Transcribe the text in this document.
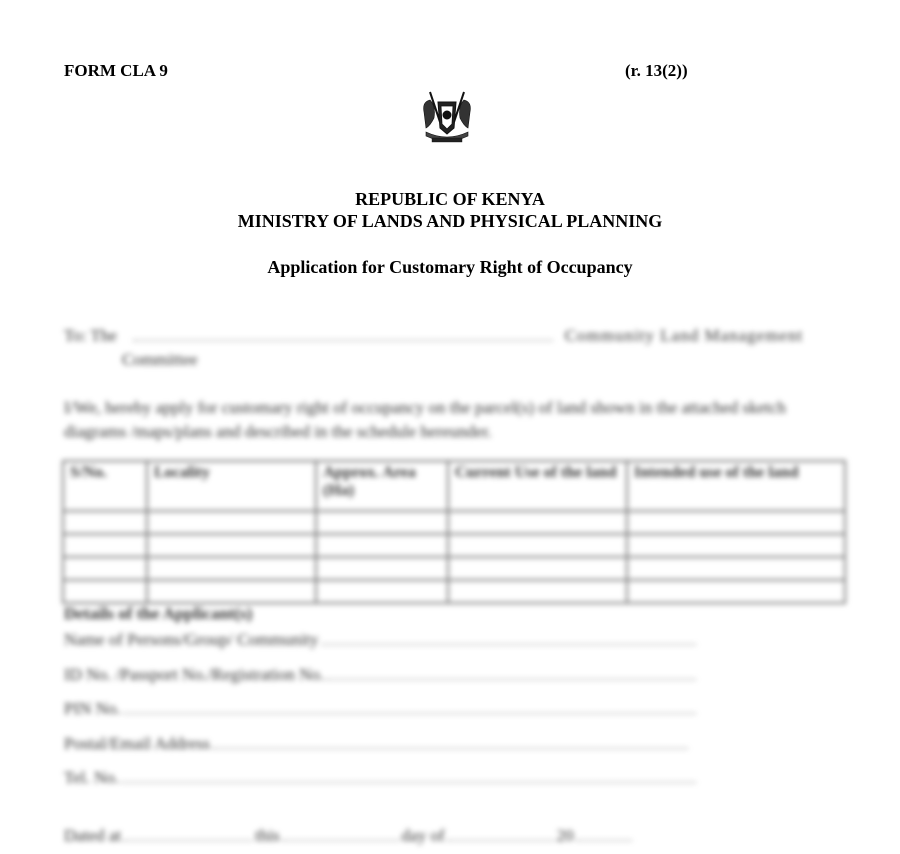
FORM CLA 9	(r. 13(2))
REPUBLIC OF KENYA
MINISTRY OF LANDS AND PHYSICAL PLANNING
Application for Customary Right of Occupancy
To: The	Community Land Management
Committee
I/We, hereby apply for customary right of occupancy on the parcel(s) of land shown in the attached sketch diagrams /maps/plans and described in the schedule hereunder.
S/No.	Locality	Approx. Area (Ha)	Current Use of the land	Intended use of the land

Details of the Applicant(s)
Name of Persons/Group/ Community
ID No. /Passport No./Registration No.
PIN No.
Postal/Email Address
Tel. No.
Dated at	this	day of	20
